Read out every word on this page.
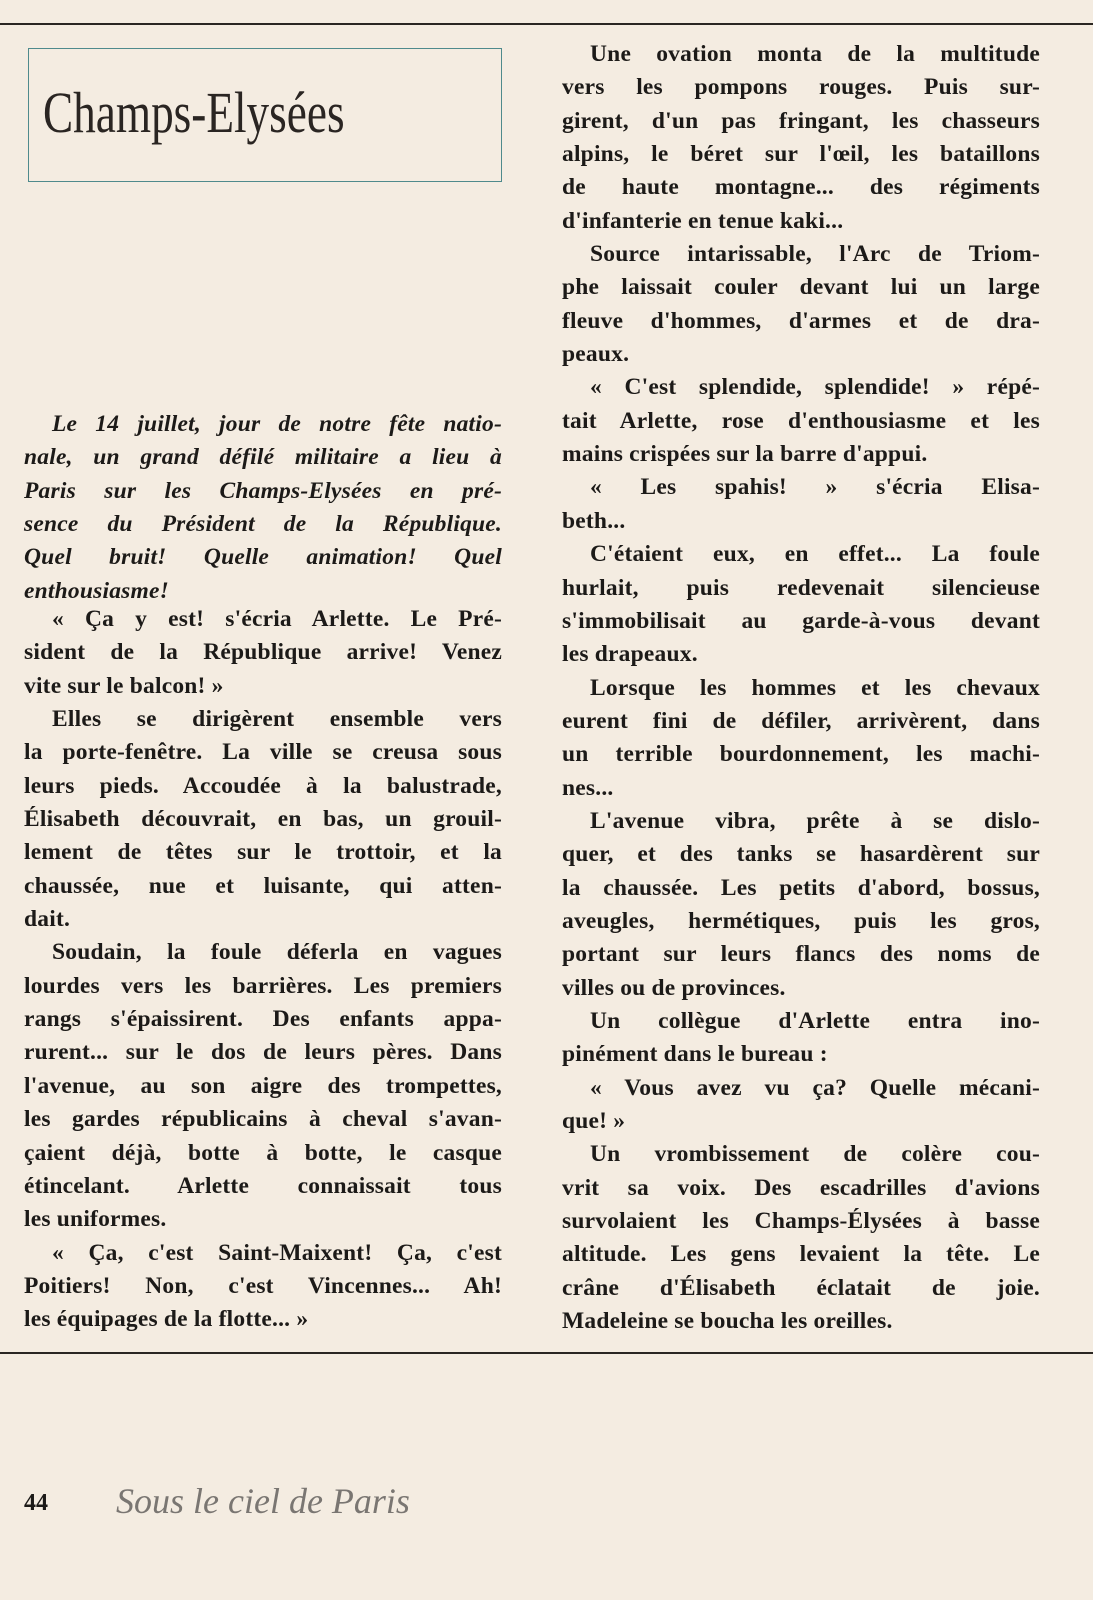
Champs-Elysées
Le 14 juillet, jour de notre fête natio-
nale, un grand défilé militaire a lieu à
Paris sur les Champs-Elysées en pré-
sence du Président de la République.
Quel bruit! Quelle animation! Quel
enthousiasme!
« Ça y est! s'écria Arlette. Le Pré-
sident de la République arrive! Venez
vite sur le balcon! »
Elles se dirigèrent ensemble vers
la porte-fenêtre. La ville se creusa sous
leurs pieds. Accoudée à la balustrade,
Élisabeth découvrait, en bas, un grouil-
lement de têtes sur le trottoir, et la
chaussée, nue et luisante, qui atten-
dait.
Soudain, la foule déferla en vagues
lourdes vers les barrières. Les premiers
rangs s'épaissirent. Des enfants appa-
rurent... sur le dos de leurs pères. Dans
l'avenue, au son aigre des trompettes,
les gardes républicains à cheval s'avan-
çaient déjà, botte à botte, le casque
étincelant. Arlette connaissait tous
les uniformes.
« Ça, c'est Saint-Maixent! Ça, c'est
Poitiers! Non, c'est Vincennes... Ah!
les équipages de la flotte... »
Une ovation monta de la multitude
vers les pompons rouges. Puis sur-
girent, d'un pas fringant, les chasseurs
alpins, le béret sur l'œil, les bataillons
de haute montagne... des régiments
d'infanterie en tenue kaki...
Source intarissable, l'Arc de Triom-
phe laissait couler devant lui un large
fleuve d'hommes, d'armes et de dra-
peaux.
« C'est splendide, splendide! » répé-
tait Arlette, rose d'enthousiasme et les
mains crispées sur la barre d'appui.
« Les spahis! » s'écria Elisa-
beth...
C'étaient eux, en effet... La foule
hurlait, puis redevenait silencieuse
s'immobilisait au garde-à-vous devant
les drapeaux.
Lorsque les hommes et les chevaux
eurent fini de défiler, arrivèrent, dans
un terrible bourdonnement, les machi-
nes...
L'avenue vibra, prête à se dislo-
quer, et des tanks se hasardèrent sur
la chaussée. Les petits d'abord, bossus,
aveugles, hermétiques, puis les gros,
portant sur leurs flancs des noms de
villes ou de provinces.
Un collègue d'Arlette entra ino-
pinément dans le bureau :
« Vous avez vu ça? Quelle mécani-
que! »
Un vrombissement de colère cou-
vrit sa voix. Des escadrilles d'avions
survolaient les Champs-Élysées à basse
altitude. Les gens levaient la tête. Le
crâne d'Élisabeth éclatait de joie.
Madeleine se boucha les oreilles.
44 Sous le ciel de Paris
